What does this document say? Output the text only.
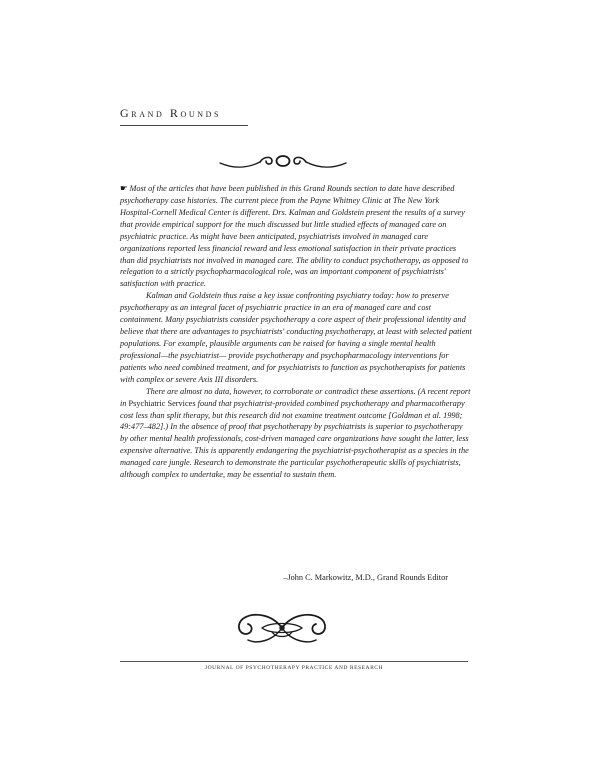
Grand Rounds

☛ Most of the articles that have been published in this Grand Rounds section to date have described psychotherapy case histories. The current piece from the Payne Whitney Clinic at The New York Hospital-Cornell Medical Center is different. Drs. Kalman and Goldstein present the results of a survey that provide empirical support for the much discussed but little studied effects of managed care on psychiatric practice. As might have been anticipated, psychiatrists involved in managed care organizations reported less financial reward and less emotional satisfaction in their private practices than did psychiatrists not involved in managed care. The ability to conduct psychotherapy, as opposed to relegation to a strictly psychopharmacological role, was an important component of psychiatrists' satisfaction with practice.

Kalman and Goldstein thus raise a key issue confronting psychiatry today: how to preserve psychotherapy as an integral facet of psychiatric practice in an era of managed care and cost containment. Many psychiatrists consider psychotherapy a core aspect of their professional identity and believe that there are advantages to psychiatrists' conducting psychotherapy, at least with selected patient populations. For example, plausible arguments can be raised for having a single mental health professional—the psychiatrist— provide psychotherapy and psychopharmacology interventions for patients who need combined treatment, and for psychiatrists to function as psychotherapists for patients with complex or severe Axis III disorders.

There are almost no data, however, to corroborate or contradict these assertions. (A recent report in Psychiatric Services found that psychiatrist-provided combined psychotherapy and pharmacotherapy cost less than split therapy, but this research did not examine treatment outcome [Goldman et al. 1998; 49:477–482].) In the absence of proof that psychotherapy by psychiatrists is superior to psychotherapy by other mental health professionals, cost-driven managed care organizations have sought the latter, less expensive alternative. This is apparently endangering the psychiatrist-psychotherapist as a species in the managed care jungle. Research to demonstrate the particular psychotherapeutic skills of psychiatrists, although complex to undertake, may be essential to sustain them.

–John C. Markowitz, M.D., Grand Rounds Editor
JOURNAL OF PSYCHOTHERAPY PRACTICE AND RESEARCH
